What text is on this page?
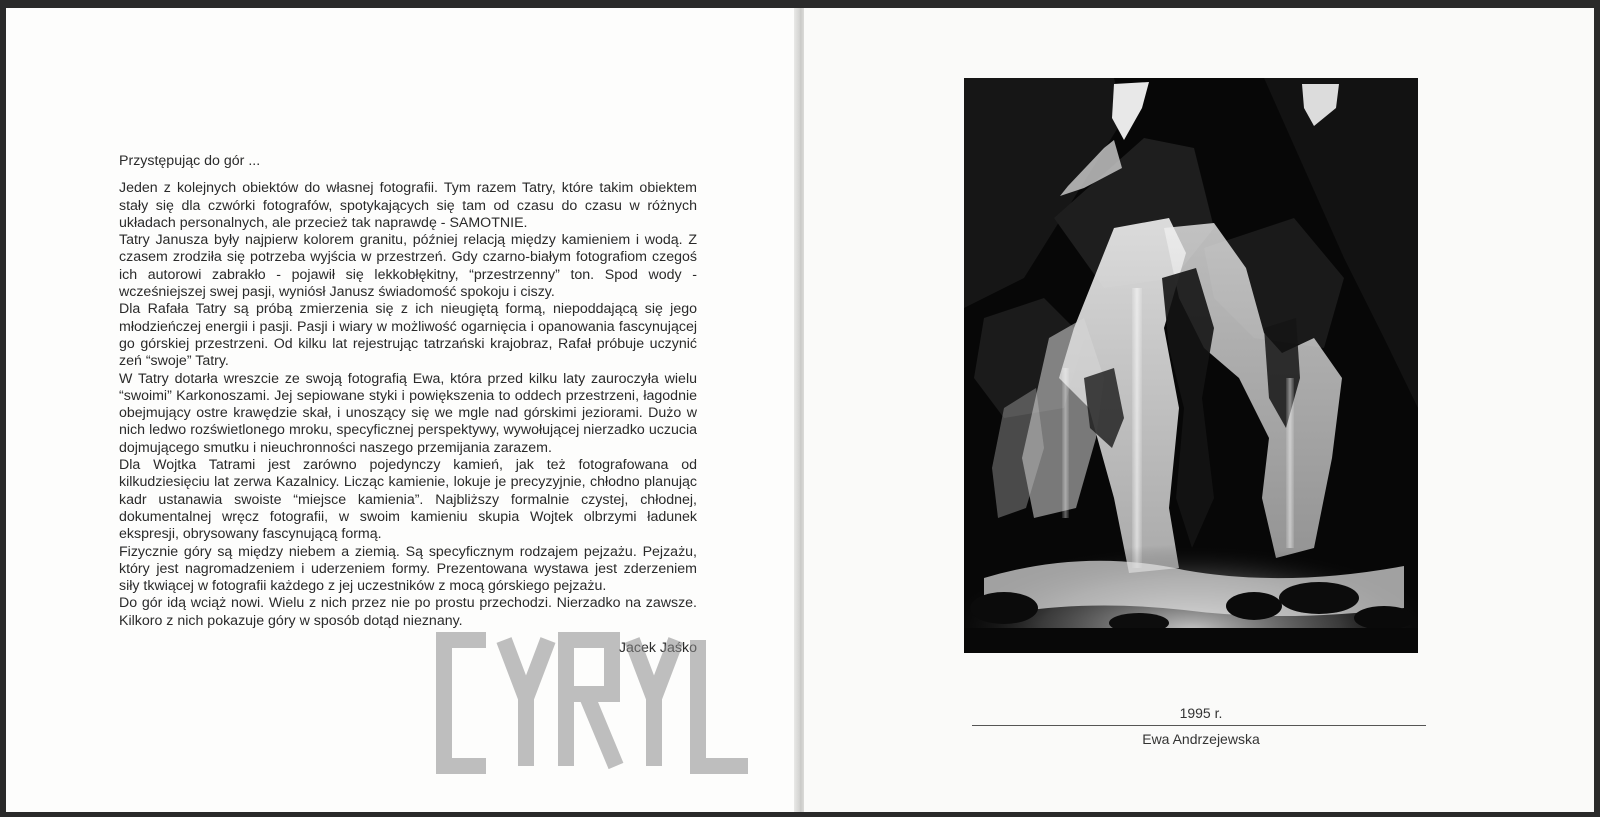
Przystępując do gór ...

Jeden z kolejnych obiektów do własnej fotografii. Tym razem Tatry, które takim obiektem stały się dla czwórki fotografów, spotykających się tam od czasu do czasu w różnych układach personalnych, ale przecież tak naprawdę - SAMOTNIE.

Tatry Janusza były najpierw kolorem granitu, później relacją między kamieniem i wodą. Z czasem zrodziła się potrzeba wyjścia w przestrzeń. Gdy czarno-białym fotografiom czegoś ich autorowi zabrakło - pojawił się lekkobłękitny, “przestrzenny” ton. Spod wody - wcześniejszej swej pasji, wyniósł Janusz świadomość spokoju i ciszy.

Dla Rafała Tatry są próbą zmierzenia się z ich nieugiętą formą, niepoddającą się jego młodzieńczej energii i pasji. Pasji i wiary w możliwość ogarnięcia i opanowania fascynującej go górskiej przestrzeni. Od kilku lat rejestrując tatrzański krajobraz, Rafał próbuje uczynić zeń “swoje” Tatry.

W Tatry dotarła wreszcie ze swoją fotografią Ewa, która przed kilku laty zauroczyła wielu “swoimi” Karkonoszami. Jej sepiowane styki i powiększenia to oddech przestrzeni, łagodnie obejmujący ostre krawędzie skał, i unoszący się we mgle nad górskimi jeziorami. Dużo w nich ledwo rozświetlonego mroku, specyficznej perspektywy, wywołującej nierzadko uczucia dojmującego smutku i nieuchronności naszego przemijania zarazem.

Dla Wojtka Tatrami jest zarówno pojedynczy kamień, jak też fotografowana od kilkudziesięciu lat zerwa Kazalnicy. Licząc kamienie, lokuje je precyzyjnie, chłodno planując kadr ustanawia swoiste “miejsce kamienia”. Najbliższy formalnie czystej, chłodnej, dokumentalnej wręcz fotografii, w swoim kamieniu skupia Wojtek olbrzymi ładunek ekspresji, obrysowany fascynującą formą.

Fizycznie góry są między niebem a ziemią. Są specyficznym rodzajem pejzażu. Pejzażu, który jest nagromadzeniem i uderzeniem formy. Prezentowana wystawa jest zderzeniem siły tkwiącej w fotografii każdego z jej uczestników z mocą górskiego pejzażu.

Do gór idą wciąż nowi. Wielu z nich przez nie po prostu przechodzi. Nierzadko na zawsze. Kilkoro z nich pokazuje góry w sposób dotąd nieznany.

Jacek Jaśko

1995 r.
Ewa Andrzejewska
